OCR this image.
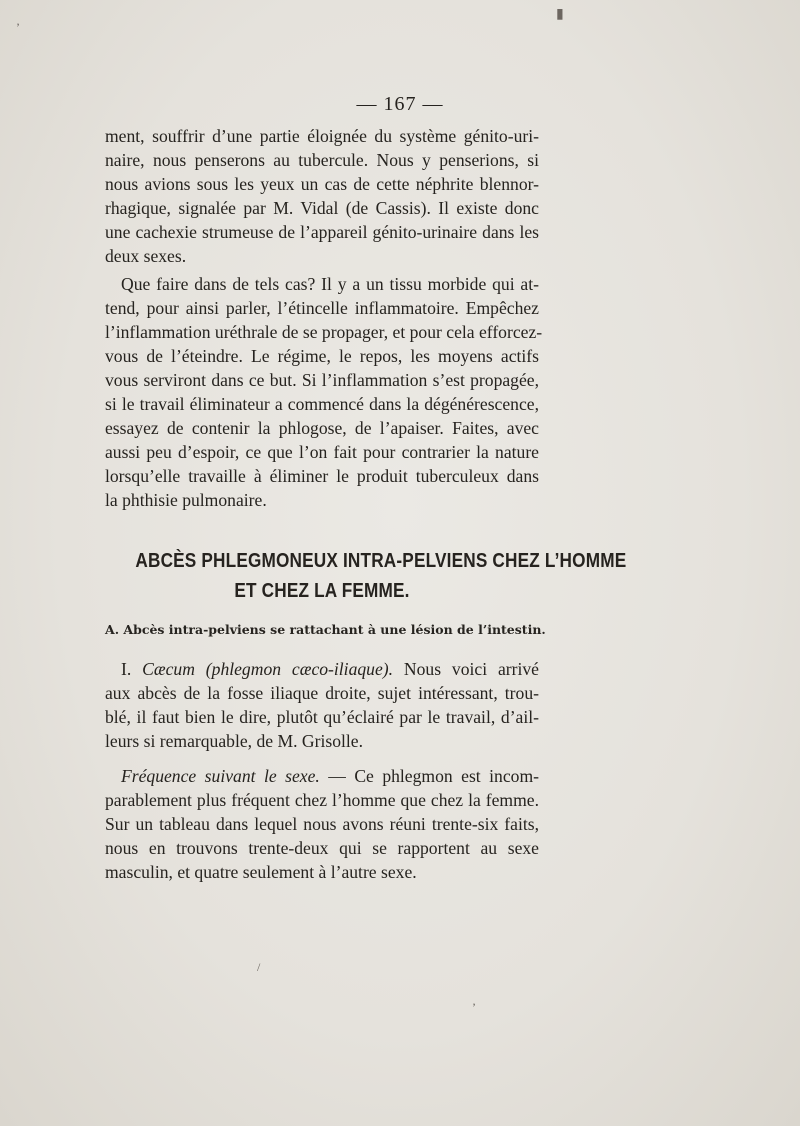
’
▮
’
/
— 167 —
ment, souffrir d’une partie éloignée du système génito-uri-
naire, nous penserons au tubercule. Nous y penserions, si
nous avions sous les yeux un cas de cette néphrite blennor-
rhagique, signalée par M. Vidal (de Cassis). Il existe donc
une cachexie strumeuse de l’appareil génito-urinaire dans les
deux sexes.
Que faire dans de tels cas? Il y a un tissu morbide qui at-
tend, pour ainsi parler, l’étincelle inflammatoire. Empêchez
l’inflammation uréthrale de se propager, et pour cela efforcez-
vous de l’éteindre. Le régime, le repos, les moyens actifs
vous serviront dans ce but. Si l’inflammation s’est propagée,
si le travail éliminateur a commencé dans la dégénérescence,
essayez de contenir la phlogose, de l’apaiser. Faites, avec
aussi peu d’espoir, ce que l’on fait pour contrarier la nature
lorsqu’elle travaille à éliminer le produit tuberculeux dans
la phthisie pulmonaire.
ABCÈS PHLEGMONEUX INTRA-PELVIENS CHEZ L’HOMME
ET CHEZ LA FEMME.
A. Abcès intra-pelviens se rattachant à une lésion de l’intestin.
I. Cæcum (phlegmon cæco-iliaque). Nous voici arrivé
aux abcès de la fosse iliaque droite, sujet intéressant, trou-
blé, il faut bien le dire, plutôt qu’éclairé par le travail, d’ail-
leurs si remarquable, de M. Grisolle.
Fréquence suivant le sexe. — Ce phlegmon est incom-
parablement plus fréquent chez l’homme que chez la femme.
Sur un tableau dans lequel nous avons réuni trente-six faits,
nous en trouvons trente-deux qui se rapportent au sexe
masculin, et quatre seulement à l’autre sexe.
